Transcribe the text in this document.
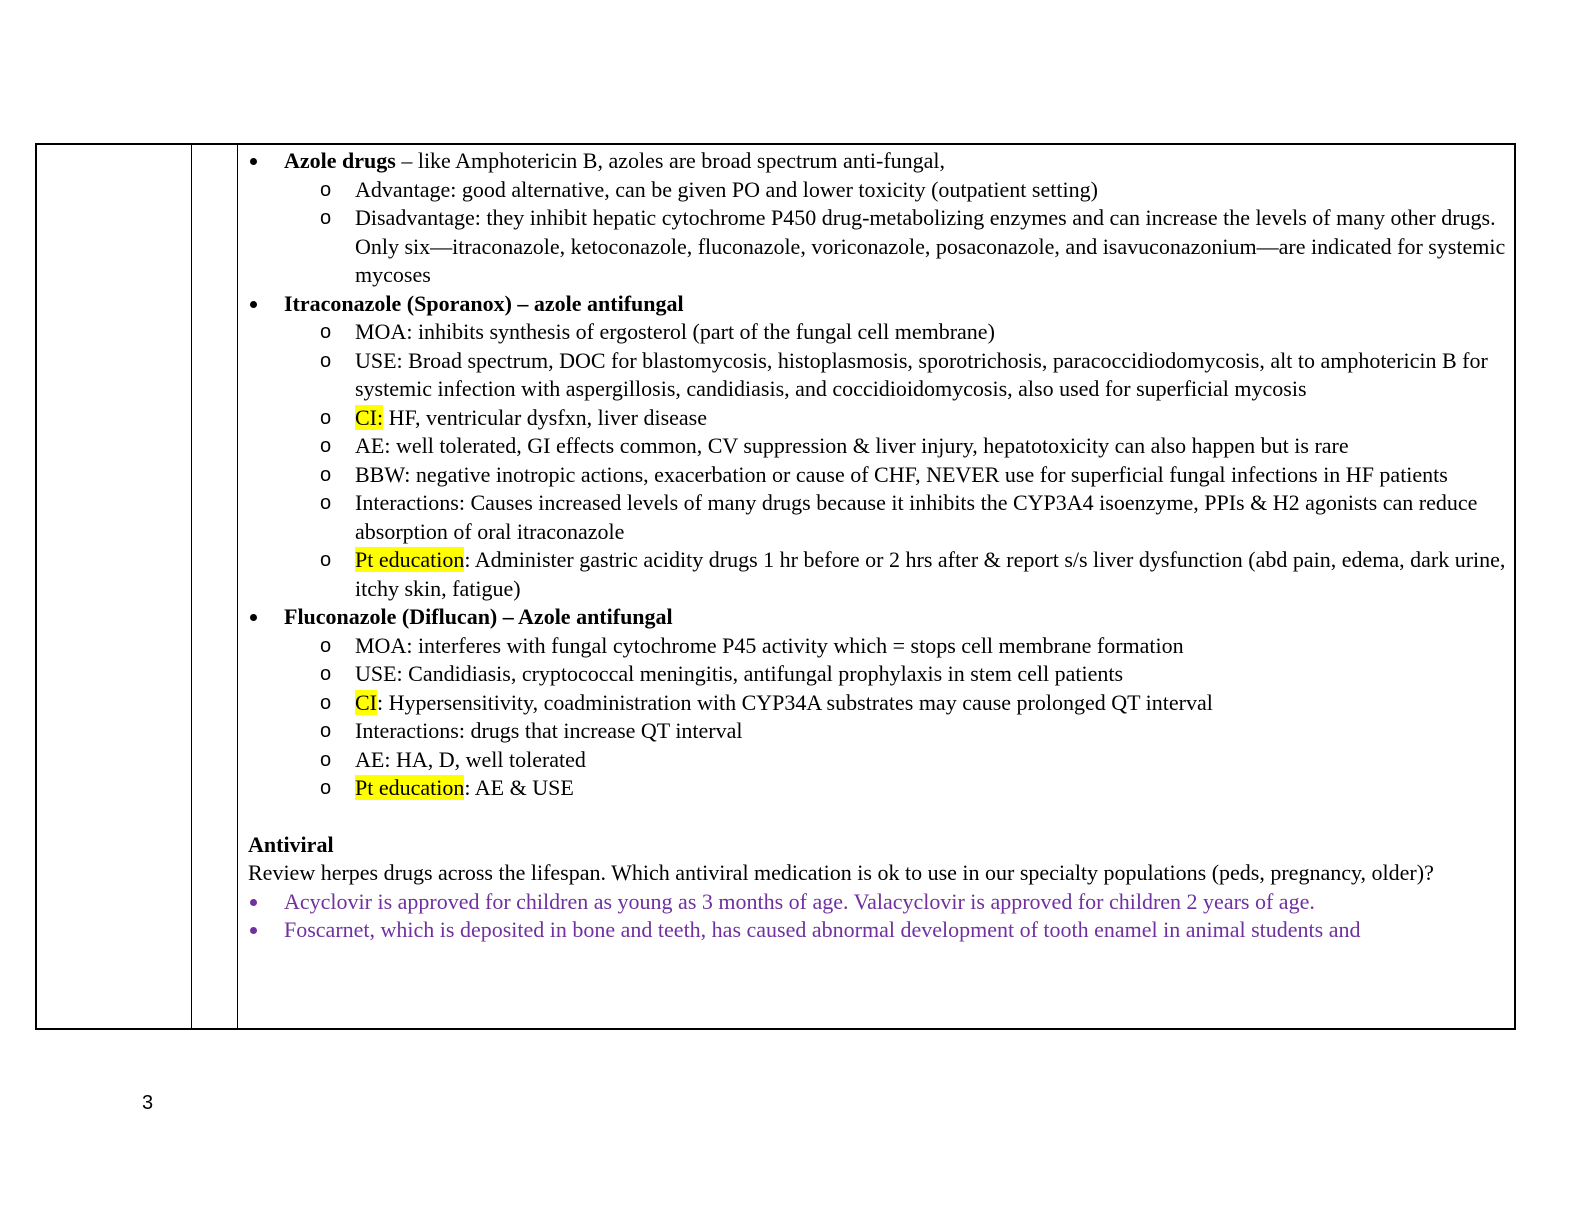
Azole drugs – like Amphotericin B, azoles are broad spectrum anti-fungal,
o Advantage: good alternative, can be given PO and lower toxicity (outpatient setting)
o Disadvantage: they inhibit hepatic cytochrome P450 drug-metabolizing enzymes and can increase the levels of many other drugs. Only six—itraconazole, ketoconazole, fluconazole, voriconazole, posaconazole, and isavuconazonium—are indicated for systemic mycoses
Itraconazole (Sporanox) – azole antifungal
o MOA: inhibits synthesis of ergosterol (part of the fungal cell membrane)
o USE: Broad spectrum, DOC for blastomycosis, histoplasmosis, sporotrichosis, paracoccidiodomycosis, alt to amphotericin B for systemic infection with aspergillosis, candidiasis, and coccidioidomycosis, also used for superficial mycosis
o CI: HF, ventricular dysfxn, liver disease
o AE: well tolerated, GI effects common, CV suppression & liver injury, hepatotoxicity can also happen but is rare
o BBW: negative inotropic actions, exacerbation or cause of CHF, NEVER use for superficial fungal infections in HF patients
o Interactions: Causes increased levels of many drugs because it inhibits the CYP3A4 isoenzyme, PPIs & H2 agonists can reduce absorption of oral itraconazole
o Pt education: Administer gastric acidity drugs 1 hr before or 2 hrs after & report s/s liver dysfunction (abd pain, edema, dark urine, itchy skin, fatigue)
Fluconazole (Diflucan) – Azole antifungal
o MOA: interferes with fungal cytochrome P45 activity which = stops cell membrane formation
o USE: Candidiasis, cryptococcal meningitis, antifungal prophylaxis in stem cell patients
o CI: Hypersensitivity, coadministration with CYP34A substrates may cause prolonged QT interval
o Interactions: drugs that increase QT interval
o AE: HA, D, well tolerated
o Pt education: AE & USE
Antiviral
Review herpes drugs across the lifespan. Which antiviral medication is ok to use in our specialty populations (peds, pregnancy, older)?
Acyclovir is approved for children as young as 3 months of age. Valacyclovir is approved for children 2 years of age.
Foscarnet, which is deposited in bone and teeth, has caused abnormal development of tooth enamel in animal students and
3
